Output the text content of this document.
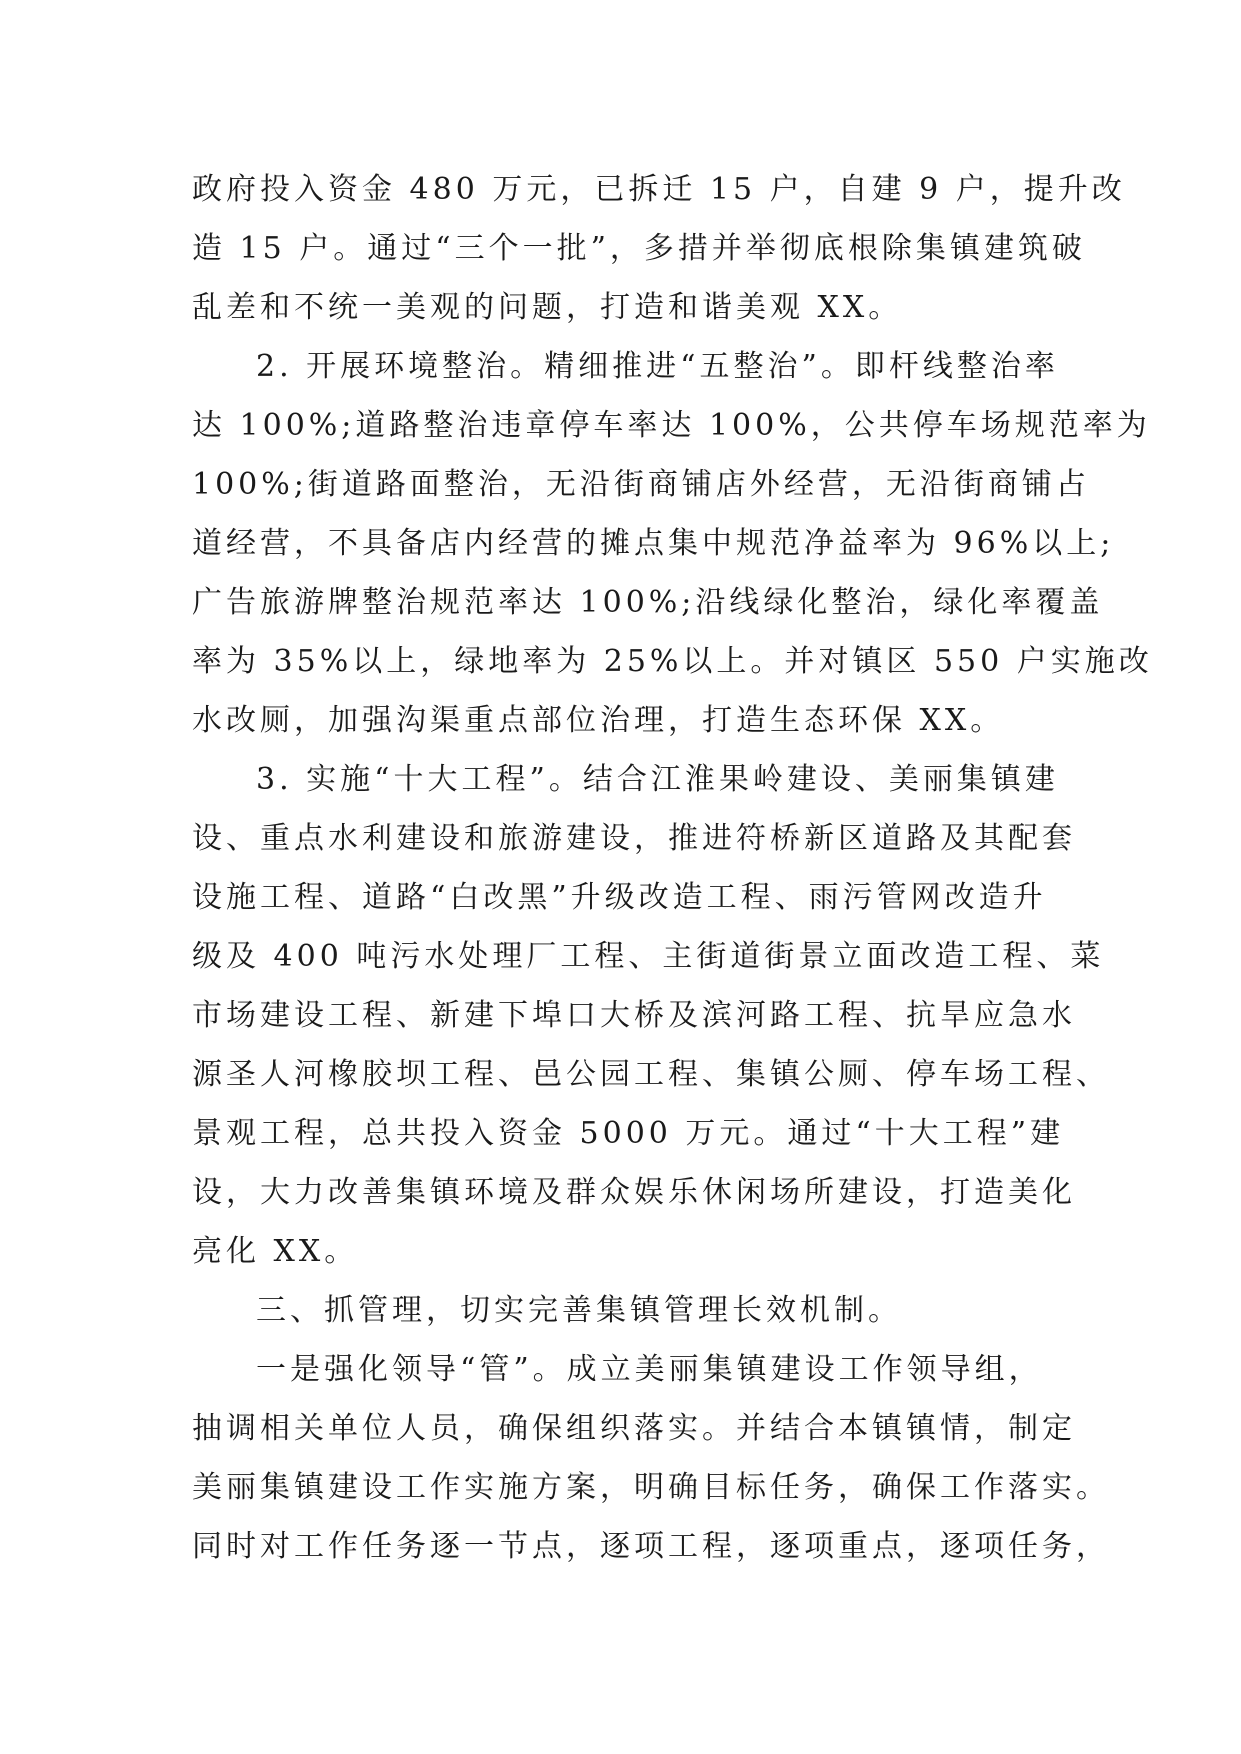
政府投入资金 480 万元，已拆迁 15 户，自建 9 户，提升改
造 15 户。通过“三个一批”，多措并举彻底根除集镇建筑破
乱差和不统一美观的问题，打造和谐美观 XX。
2. 开展环境整治。精细推进“五整治”。即杆线整治率
达 100%;道路整治违章停车率达 100%，公共停车场规范率为
100%;街道路面整治，无沿街商铺店外经营，无沿街商铺占
道经营，不具备店内经营的摊点集中规范净益率为 96%以上;
广告旅游牌整治规范率达 100%;沿线绿化整治，绿化率覆盖
率为 35%以上，绿地率为 25%以上。并对镇区 550 户实施改
水改厕，加强沟渠重点部位治理，打造生态环保 XX。
3. 实施“十大工程”。结合江淮果岭建设、美丽集镇建
设、重点水利建设和旅游建设，推进符桥新区道路及其配套
设施工程、道路“白改黑”升级改造工程、雨污管网改造升
级及 400 吨污水处理厂工程、主街道街景立面改造工程、菜
市场建设工程、新建下埠口大桥及滨河路工程、抗旱应急水
源圣人河橡胶坝工程、邑公园工程、集镇公厕、停车场工程、
景观工程，总共投入资金 5000 万元。通过“十大工程”建
设，大力改善集镇环境及群众娱乐休闲场所建设，打造美化
亮化 XX。
三、抓管理，切实完善集镇管理长效机制。
一是强化领导“管”。成立美丽集镇建设工作领导组，
抽调相关单位人员，确保组织落实。并结合本镇镇情，制定
美丽集镇建设工作实施方案，明确目标任务，确保工作落实。
同时对工作任务逐一节点，逐项工程，逐项重点，逐项任务，
